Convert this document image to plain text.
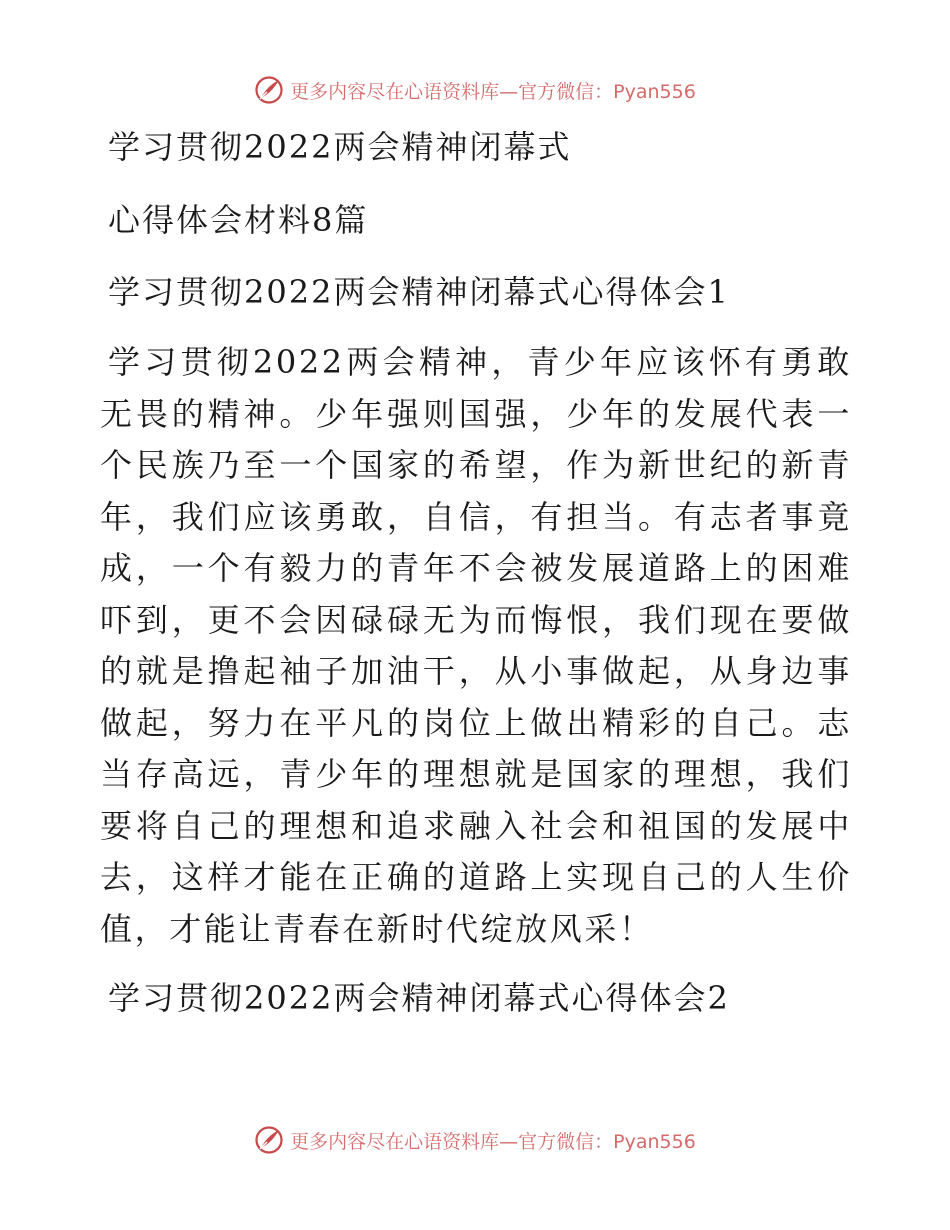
更多内容尽在心语资料库—官方微信：Pyan556
学习贯彻2022两会精神闭幕式
心得体会材料8篇
学习贯彻2022两会精神闭幕式心得体会1

学习贯彻2022两会精神，青少年应该怀有勇敢无畏的精神。少年强则国强，少年的发展代表一个民族乃至一个国家的希望，作为新世纪的新青年，我们应该勇敢，自信，有担当。有志者事竟成，一个有毅力的青年不会被发展道路上的困难吓到，更不会因碌碌无为而悔恨，我们现在要做的就是撸起袖子加油干，从小事做起，从身边事做起，努力在平凡的岗位上做出精彩的自己。志当存高远，青少年的理想就是国家的理想，我们要将自己的理想和追求融入社会和祖国的发展中去，这样才能在正确的道路上实现自己的人生价值，才能让青春在新时代绽放风采！

学习贯彻2022两会精神闭幕式心得体会2
更多内容尽在心语资料库—官方微信：Pyan556
